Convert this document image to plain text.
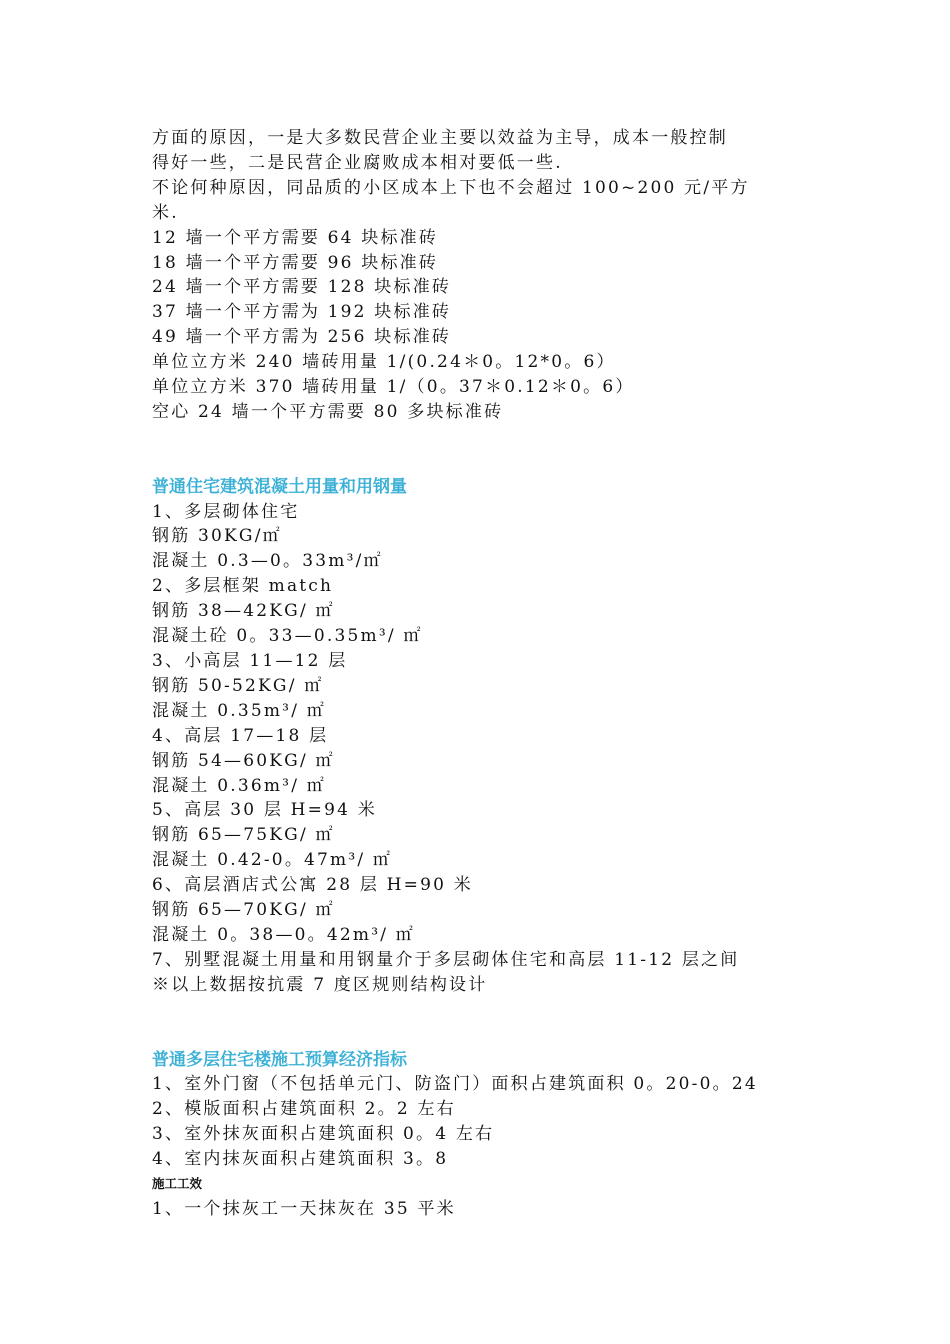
方面的原因，一是大多数民营企业主要以效益为主导，成本一般控制

得好一些，二是民营企业腐败成本相对要低一些.

不论何种原因，同品质的小区成本上下也不会超过 100~200 元/平方

米.

12 墙一个平方需要 64 块标准砖

18 墙一个平方需要 96 块标准砖

24 墙一个平方需要 128 块标准砖

37 墙一个平方需为 192 块标准砖

49 墙一个平方需为 256 块标准砖

单位立方米 240 墙砖用量 1/(0.24＊0。12*0。6）

单位立方米 370 墙砖用量 1/（0。37＊0.12＊0。6）

空心 24 墙一个平方需要 80 多块标准砖

普通住宅建筑混凝土用量和用钢量

1、多层砌体住宅

钢筋 30KG/㎡

混凝土 0.3—0。33m³/㎡

2、多层框架 match

钢筋 38—42KG/ ㎡

混凝土砼 0。33—0.35m³/ ㎡

3、小高层 11—12 层

钢筋 50-52KG/ ㎡

混凝土 0.35m³/ ㎡

4、高层 17—18 层

钢筋 54—60KG/ ㎡

混凝土 0.36m³/ ㎡

5、高层 30 层 H=94 米

钢筋 65—75KG/ ㎡

混凝土 0.42-0。47m³/ ㎡

6、高层酒店式公寓 28 层 H=90 米

钢筋 65—70KG/ ㎡

混凝土 0。38—0。42m³/ ㎡

7、别墅混凝土用量和用钢量介于多层砌体住宅和高层 11-12 层之间

※以上数据按抗震 7 度区规则结构设计

普通多层住宅楼施工预算经济指标

1、室外门窗（不包括单元门、防盗门）面积占建筑面积 0。20-0。24

2、模版面积占建筑面积 2。2 左右

3、室外抹灰面积占建筑面积 0。4 左右

4、室内抹灰面积占建筑面积 3。8

施工工效

1、一个抹灰工一天抹灰在 35 平米
